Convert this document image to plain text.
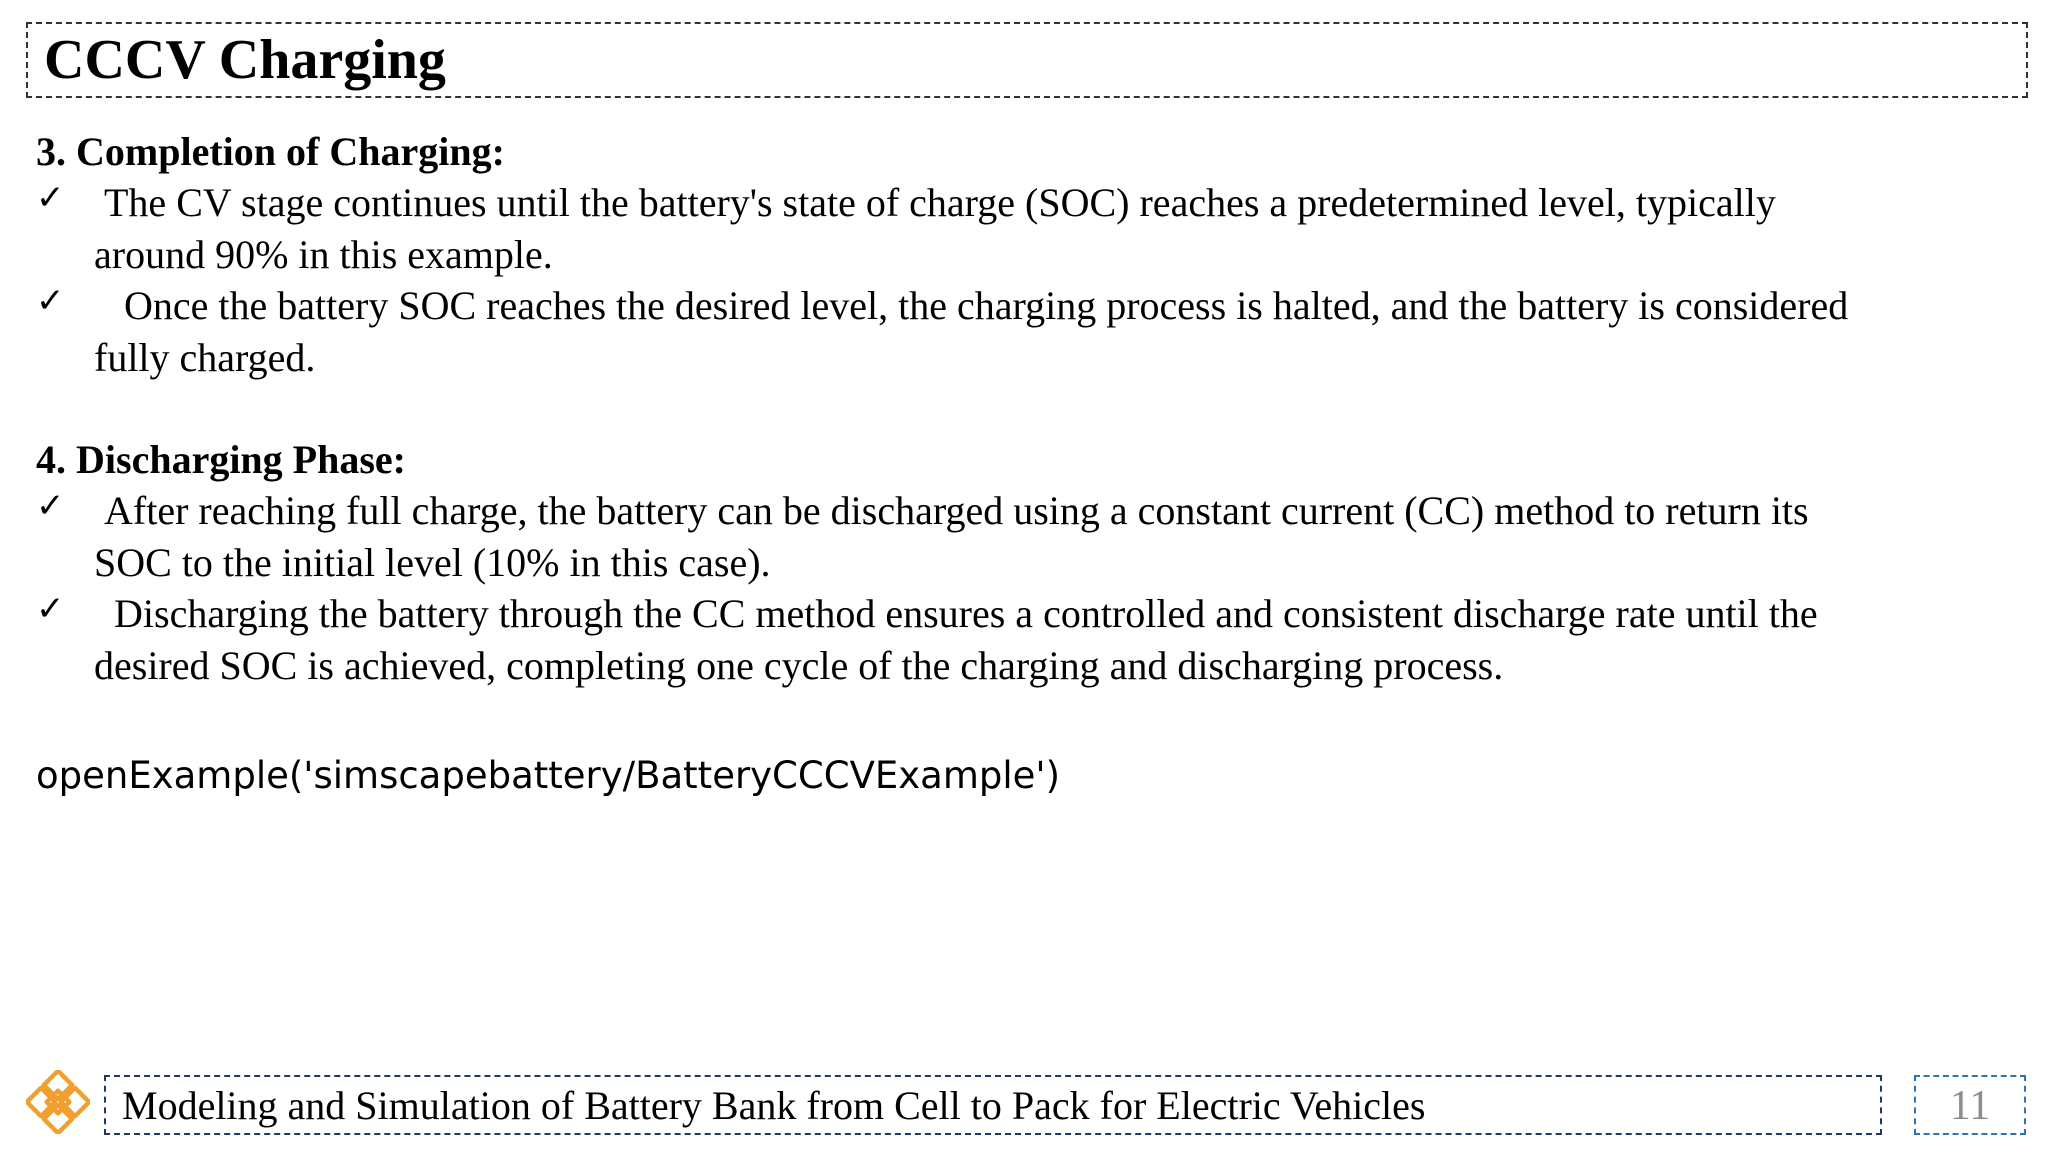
CCCV Charging
3. Completion of Charging:
✓ The CV stage continues until the battery's state of charge (SOC) reaches a predetermined level, typically
around 90% in this example.
✓ Once the battery SOC reaches the desired level, the charging process is halted, and the battery is considered
fully charged.
4. Discharging Phase:
✓ After reaching full charge, the battery can be discharged using a constant current (CC) method to return its
SOC to the initial level (10% in this case).
✓ Discharging the battery through the CC method ensures a controlled and consistent discharge rate until the
desired SOC is achieved, completing one cycle of the charging and discharging process.
openExample('simscapebattery/BatteryCCCVExample')
Modeling and Simulation of Battery Bank from Cell to Pack for Electric Vehicles	11
